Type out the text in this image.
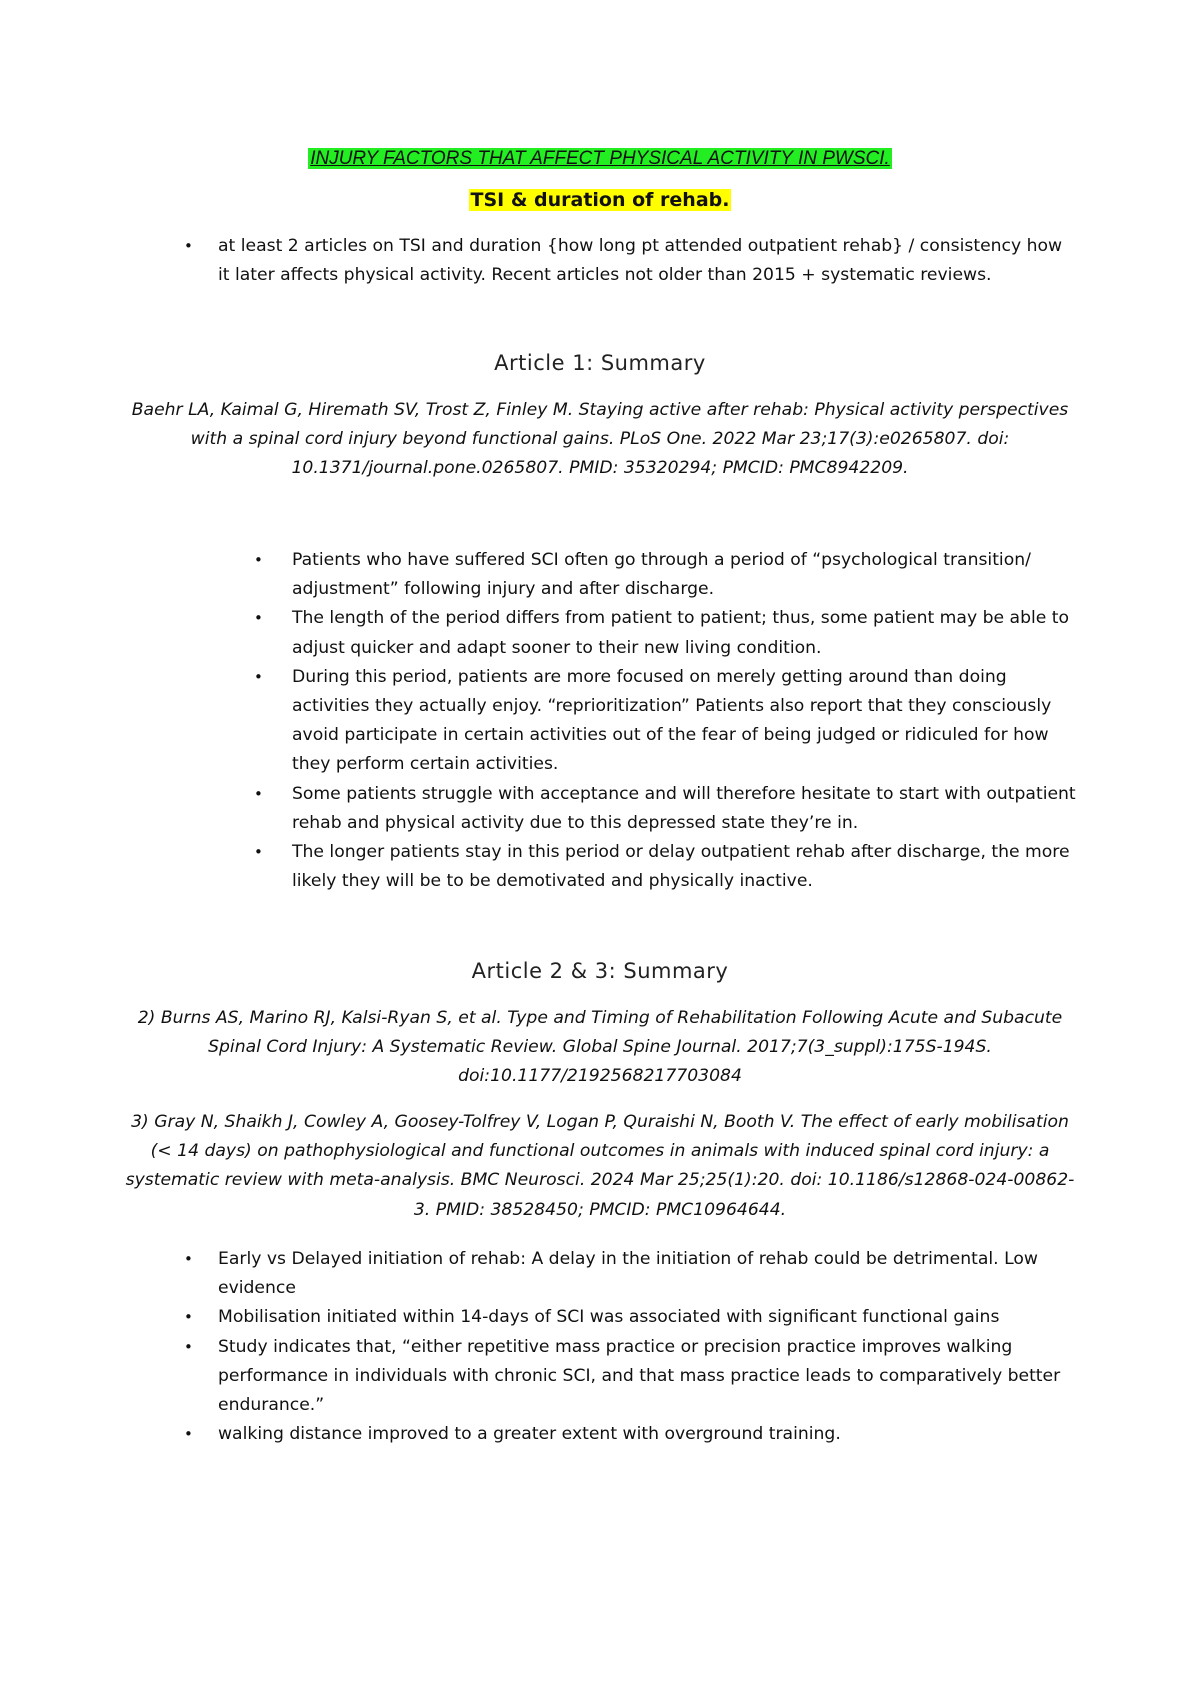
INJURY FACTORS THAT AFFECT PHYSICAL ACTIVITY IN PWSCI.
TSI & duration of rehab.
• at least 2 articles on TSI and duration {how long pt attended outpatient rehab} / consistency how it later affects physical activity. Recent articles not older than 2015 + systematic reviews.
Article 1: Summary
Baehr LA, Kaimal G, Hiremath SV, Trost Z, Finley M. Staying active after rehab: Physical activity perspectives with a spinal cord injury beyond functional gains. PLoS One. 2022 Mar 23;17(3):e0265807. doi: 10.1371/journal.pone.0265807. PMID: 35320294; PMCID: PMC8942209.
• Patients who have suffered SCI often go through a period of “psychological transition/ adjustment” following injury and after discharge.
• The length of the period differs from patient to patient; thus, some patient may be able to adjust quicker and adapt sooner to their new living condition.
• During this period, patients are more focused on merely getting around than doing activities they actually enjoy. “reprioritization” Patients also report that they consciously avoid participate in certain activities out of the fear of being judged or ridiculed for how they perform certain activities.
• Some patients struggle with acceptance and will therefore hesitate to start with outpatient rehab and physical activity due to this depressed state they’re in.
• The longer patients stay in this period or delay outpatient rehab after discharge, the more likely they will be to be demotivated and physically inactive.
Article 2 & 3: Summary
2) Burns AS, Marino RJ, Kalsi-Ryan S, et al. Type and Timing of Rehabilitation Following Acute and Subacute Spinal Cord Injury: A Systematic Review. Global Spine Journal. 2017;7(3_suppl):175S-194S. doi:10.1177/2192568217703084
3) Gray N, Shaikh J, Cowley A, Goosey-Tolfrey V, Logan P, Quraishi N, Booth V. The effect of early mobilisation (< 14 days) on pathophysiological and functional outcomes in animals with induced spinal cord injury: a systematic review with meta-analysis. BMC Neurosci. 2024 Mar 25;25(1):20. doi: 10.1186/s12868-024-00862-3. PMID: 38528450; PMCID: PMC10964644.
• Early vs Delayed initiation of rehab: A delay in the initiation of rehab could be detrimental. Low evidence
• Mobilisation initiated within 14-days of SCI was associated with significant functional gains
• Study indicates that, “either repetitive mass practice or precision practice improves walking performance in individuals with chronic SCI, and that mass practice leads to comparatively better endurance.”
• walking distance improved to a greater extent with overground training.
